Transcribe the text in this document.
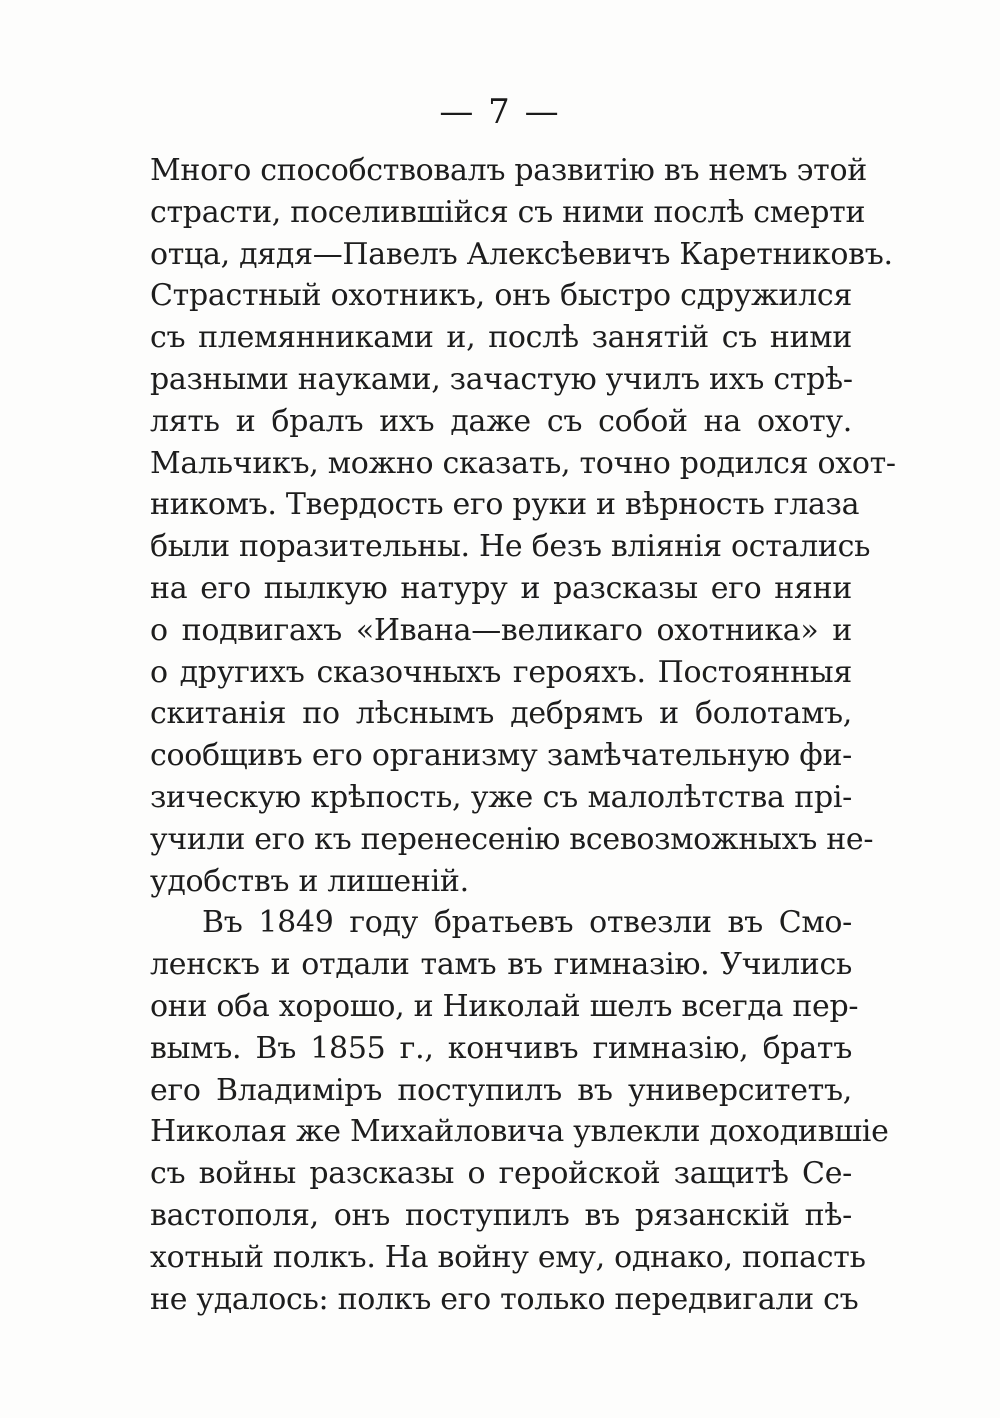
— 7 —
Много способствовалъ развитію въ немъ этой
страсти, поселившійся съ ними послѣ смерти
отца, дядя—Павелъ Алексѣевичъ Каретниковъ.
Страстный охотникъ, онъ быстро сдружился
съ племянниками и, послѣ занятій съ ними
разными науками, зачастую училъ ихъ стрѣ-
лять и бралъ ихъ даже съ собой на охоту.
Мальчикъ, можно сказать, точно родился охот-
никомъ. Твердость его руки и вѣрность глаза
были поразительны. Не безъ вліянія остались
на его пылкую натуру и разсказы его няни
о подвигахъ «Ивана—великаго охотника» и
о другихъ сказочныхъ герояхъ. Постоянныя
скитанія по лѣснымъ дебрямъ и болотамъ,
сообщивъ его организму замѣчательную фи-
зическую крѣпость, уже съ малолѣтства прі-
учили его къ перенесенію всевозможныхъ не-
удобствъ и лишеній.
Въ 1849 году братьевъ отвезли въ Смо-
ленскъ и отдали тамъ въ гимназію. Учились
они оба хорошо, и Николай шелъ всегда пер-
вымъ. Въ 1855 г., кончивъ гимназію, братъ
его Владиміръ поступилъ въ университетъ,
Николая же Михайловича увлекли доходившіе
съ войны разсказы о геройской защитѣ Се-
вастополя, онъ поступилъ въ рязанскій пѣ-
хотный полкъ. На войну ему, однако, попасть
не удалось: полкъ его только передвигали съ
